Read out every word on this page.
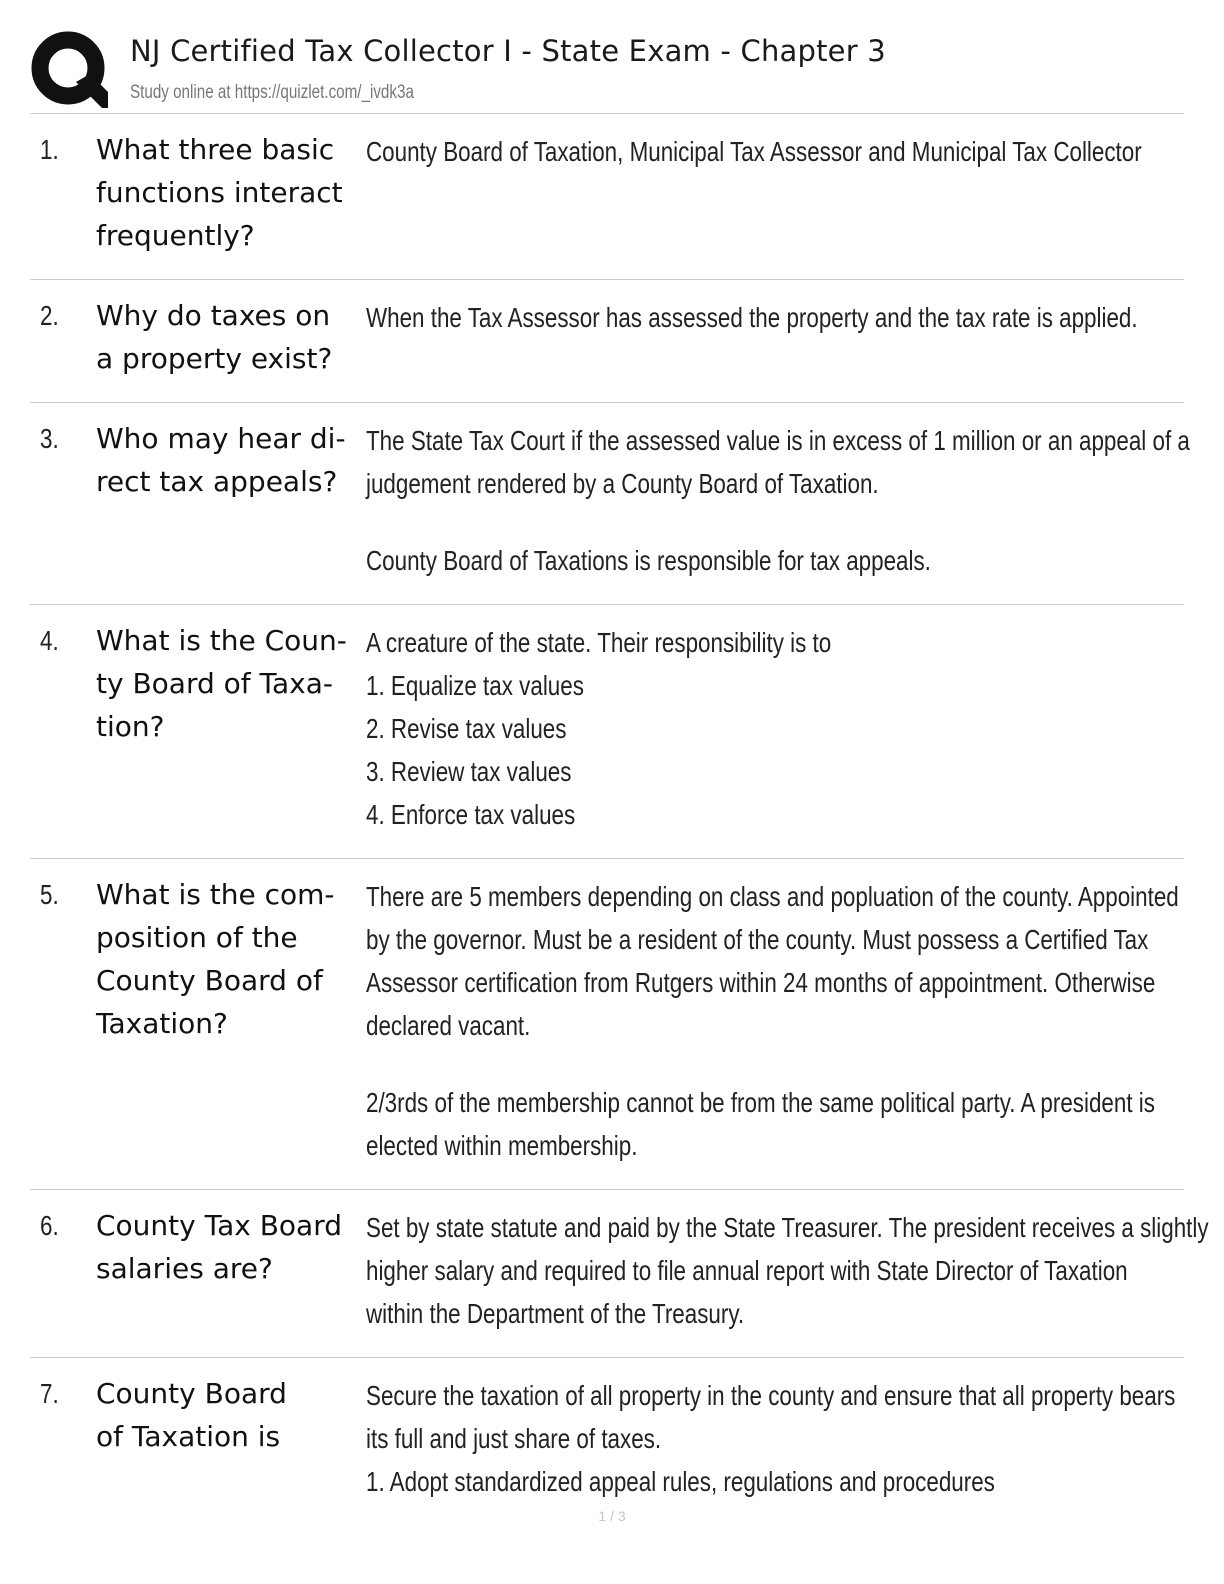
NJ Certified Tax Collector I - State Exam - Chapter 3
Study online at https://quizlet.com/_ivdk3a
1. What three basic
functions interact
frequently?
County Board of Taxation, Municipal Tax Assessor and Municipal Tax Collector
2. Why do taxes on
a property exist?
When the Tax Assessor has assessed the property and the tax rate is applied.
3. Who may hear di-
rect tax appeals?
The State Tax Court if the assessed value is in excess of 1 million or an appeal of a
judgement rendered by a County Board of Taxation.
County Board of Taxations is responsible for tax appeals.
4. What is the Coun-
ty Board of Taxa-
tion?
A creature of the state. Their responsibility is to
1. Equalize tax values
2. Revise tax values
3. Review tax values
4. Enforce tax values
5. What is the com-
position of the
County Board of
Taxation?
There are 5 members depending on class and popluation of the county. Appointed
by the governor. Must be a resident of the county. Must possess a Certified Tax
Assessor certification from Rutgers within 24 months of appointment. Otherwise
declared vacant.
2/3rds of the membership cannot be from the same political party. A president is
elected within membership.
6. County Tax Board
salaries are?
Set by state statute and paid by the State Treasurer. The president receives a slightly
higher salary and required to file annual report with State Director of Taxation
within the Department of the Treasury.
7. County Board
of Taxation is
Secure the taxation of all property in the county and ensure that all property bears
its full and just share of taxes.
1. Adopt standardized appeal rules, regulations and procedures
1 / 3
